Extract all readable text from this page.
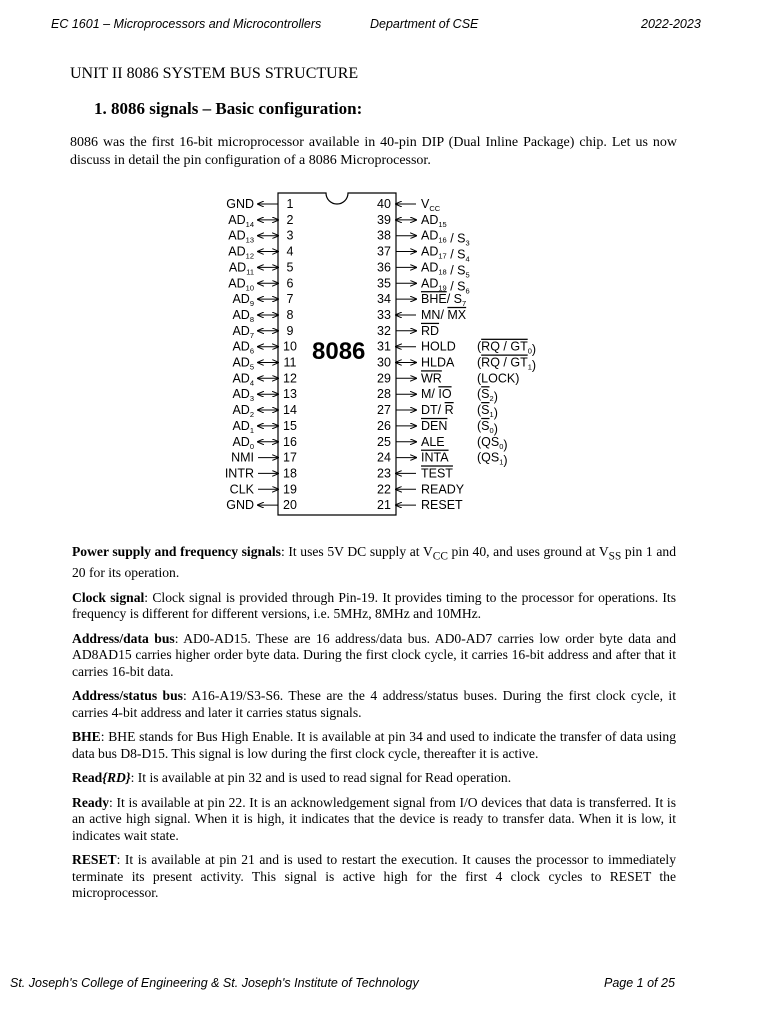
EC 1601 – Microprocessors and Microcontrollers	Department of CSE	2022-2023
UNIT II 8086 SYSTEM BUS STRUCTURE
1. 8086 signals – Basic configuration:
8086 was the first 16-bit microprocessor available in 40-pin DIP (Dual Inline Package) chip. Let us now discuss in detail the pin configuration of a 8086 Microprocessor.
8086
GND	1
$AD_{14}$	2
$AD_{13}$	3
$AD_{12}$	4
$AD_{11}$	5
$AD_{10}$	6
$AD_9$	7
$AD_8$	8
$AD_7$	9
$AD_6$ 10
$AD_5$ 11
$AD_4$ 12
$AD_3$ 13
$AD_2$ 14
$AD_1$ 15
$AD_0$ 16
NMI 17
INTR 18
CLK 19
GND 20
40 $V_{CC}$
39 $AD_{15}$
38 $AD_{16} / S_3$
37 $AD_{17} / S_4$
36 $AD_{18} / S_5$
35 $AD_{19} / S_6$
34 BHE/ $S_7$
33 MN/ MX
32 RD
31 HOLD $(RQ / GT_0)$
30 HLDA $(RQ / GT_1)$
29 WR	(LOCK)
28 M/ IO $(S_2)$
27 DT/ R $(S_1)$
26 DEN $(S_0)$
25 ALE	$(QS_0)$
24 INTA $(QS_1)$
23 TEST
22 READY
21 RESET

Power supply and frequency signals: It uses 5V DC supply at $V_{CC}$ pin 40, and uses ground at $V_{SS}$ pin 1 and 20 for its operation.

Clock signal: Clock signal is provided through Pin-19. It provides timing to the processor for operations. Its frequency is different for different versions, i.e. 5MHz, 8MHz and 10MHz.

Address/data bus: AD0-AD15. These are 16 address/data bus. AD0-AD7 carries low order byte data and AD8AD15 carries higher order byte data. During the first clock cycle, it carries 16-bit address and after that it carries 16-bit data.

Address/status bus: A16-A19/S3-S6. These are the 4 address/status buses. During the first clock cycle, it carries 4-bit address and later it carries status signals.

BHE: BHE stands for Bus High Enable. It is available at pin 34 and used to indicate the transfer of data using data bus D8-D15. This signal is low during the first clock cycle, thereafter it is active.

Read{RD}: It is available at pin 32 and is used to read signal for Read operation.

Ready: It is available at pin 22. It is an acknowledgement signal from I/O devices that data is transferred. It is an active high signal. When it is high, it indicates that the device is ready to transfer data. When it is low, it indicates wait state.

RESET: It is available at pin 21 and is used to restart the execution. It causes the processor to immediately terminate its present activity. This signal is active high for the first 4 clock cycles to RESET the microprocessor.

St. Joseph's College of Engineering & St. Joseph's Institute of Technology	Page 1 of 25
